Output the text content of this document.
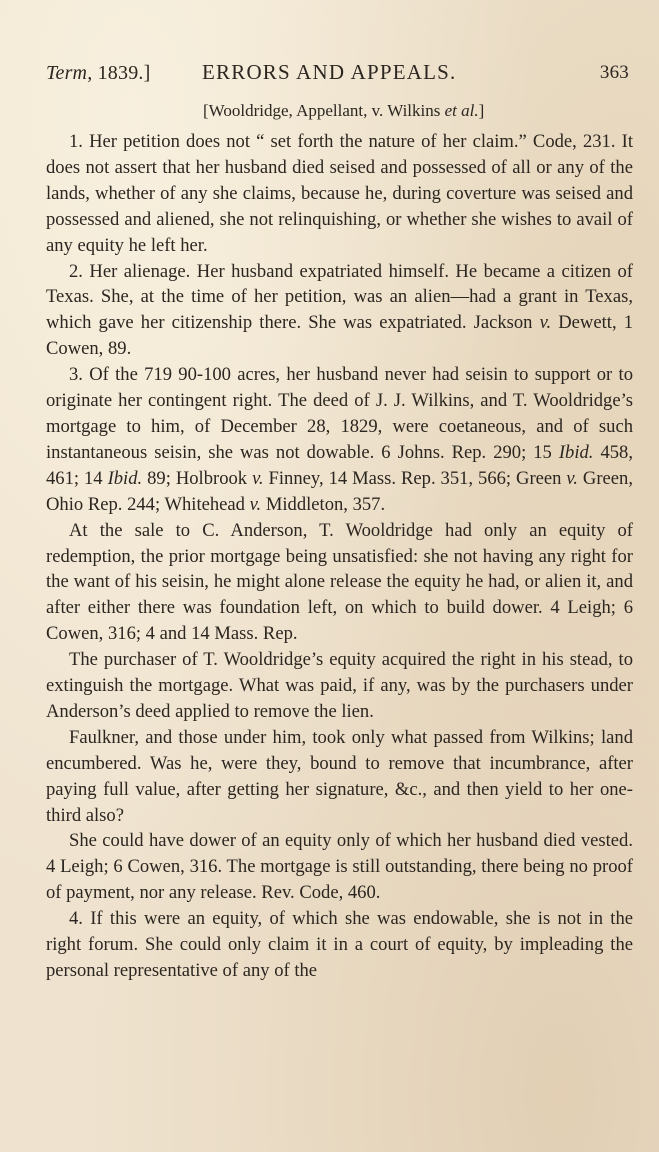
Term, 1839.] ERRORS AND APPEALS.	363
[Wooldridge, Appellant, v. Wilkins et al.]

1. Her petition does not “ set forth the nature of her claim.” Code, 231. It does not assert that her husband died seised and possessed of all or any of the lands, whether of any she claims, because he, during coverture was seised and possessed and aliened, she not relinquishing, or whether she wishes to avail of any equity he left her.

2. Her alienage. Her husband expatriated himself. He became a citizen of Texas. She, at the time of her petition, was an alien—had a grant in Texas, which gave her citizenship there. She was expatriated. Jackson v. Dewett, 1 Cowen, 89.

3. Of the 719 90-100 acres, her husband never had seisin to support or to originate her contingent right. The deed of J. J. Wilkins, and T. Wooldridge’s mortgage to him, of December 28, 1829, were coetaneous, and of such instantaneous seisin, she was not dowable. 6 Johns. Rep. 290; 15 Ibid. 458, 461; 14 Ibid. 89; Holbrook v. Finney, 14 Mass. Rep. 351, 566; Green v. Green, Ohio Rep. 244; Whitehead v. Middleton, 357.

At the sale to C. Anderson, T. Wooldridge had only an equity of redemption, the prior mortgage being unsatisfied: she not having any right for the want of his seisin, he might alone release the equity he had, or alien it, and after either there was foundation left, on which to build dower. 4 Leigh; 6 Cowen, 316; 4 and 14 Mass. Rep.

The purchaser of T. Wooldridge’s equity acquired the right in his stead, to extinguish the mortgage. What was paid, if any, was by the purchasers under Anderson’s deed applied to remove the lien.

Faulkner, and those under him, took only what passed from Wilkins; land encumbered. Was he, were they, bound to remove that incumbrance, after paying full value, after getting her signature, &c., and then yield to her one-third also?

She could have dower of an equity only of which her husband died vested. 4 Leigh; 6 Cowen, 316. The mortgage is still outstanding, there being no proof of payment, nor any release. Rev. Code, 460.

4. If this were an equity, of which she was endowable, she is not in the right forum. She could only claim it in a court of equity, by impleading the personal representative of any of the
